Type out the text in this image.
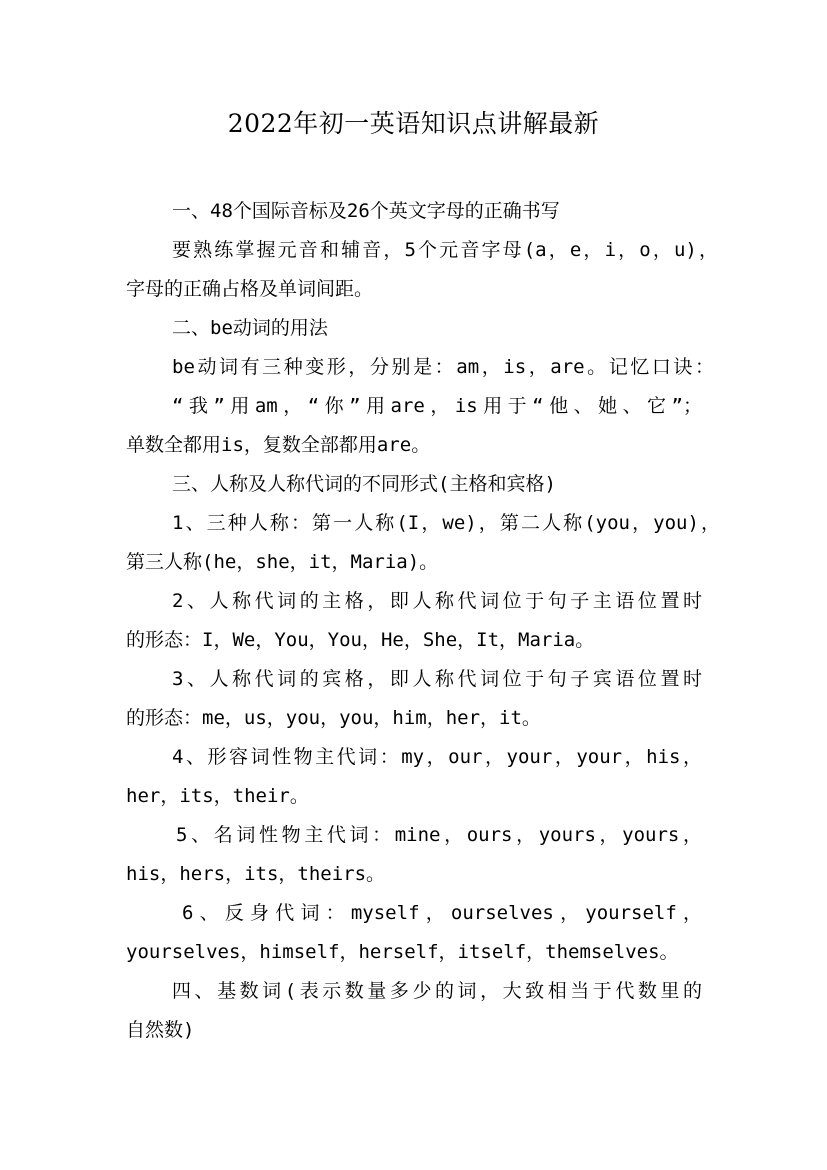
2022年初一英语知识点讲解最新
一、48个国际音标及26个英文字母的正确书写
要熟练掌握元音和辅音，5个元音字母(a，e，i，o，u)，
字母的正确占格及单词间距。
二、be动词的用法
be动词有三种变形，分别是：am，is，are。记忆口诀：
“我”用am，“你”用are，is用于“他、她、它”；
单数全都用is，复数全部都用are。
三、人称及人称代词的不同形式(主格和宾格)
1、三种人称：第一人称(I，we)，第二人称(you，you)，
第三人称(he，she，it，Maria)。
2、人称代词的主格，即人称代词位于句子主语位置时
的形态：I，We，You，You，He，She，It，Maria。
3、人称代词的宾格，即人称代词位于句子宾语位置时
的形态：me，us，you，you，him，her，it。
4、形容词性物主代词：my，our，your，your，his，
her，its，their。
5、名词性物主代词：mine，ours，yours，yours，
his，hers，its，theirs。
6、反身代词：myself，ourselves，yourself，
yourselves，himself，herself，itself，themselves。
四、基数词(表示数量多少的词，大致相当于代数里的
自然数)
